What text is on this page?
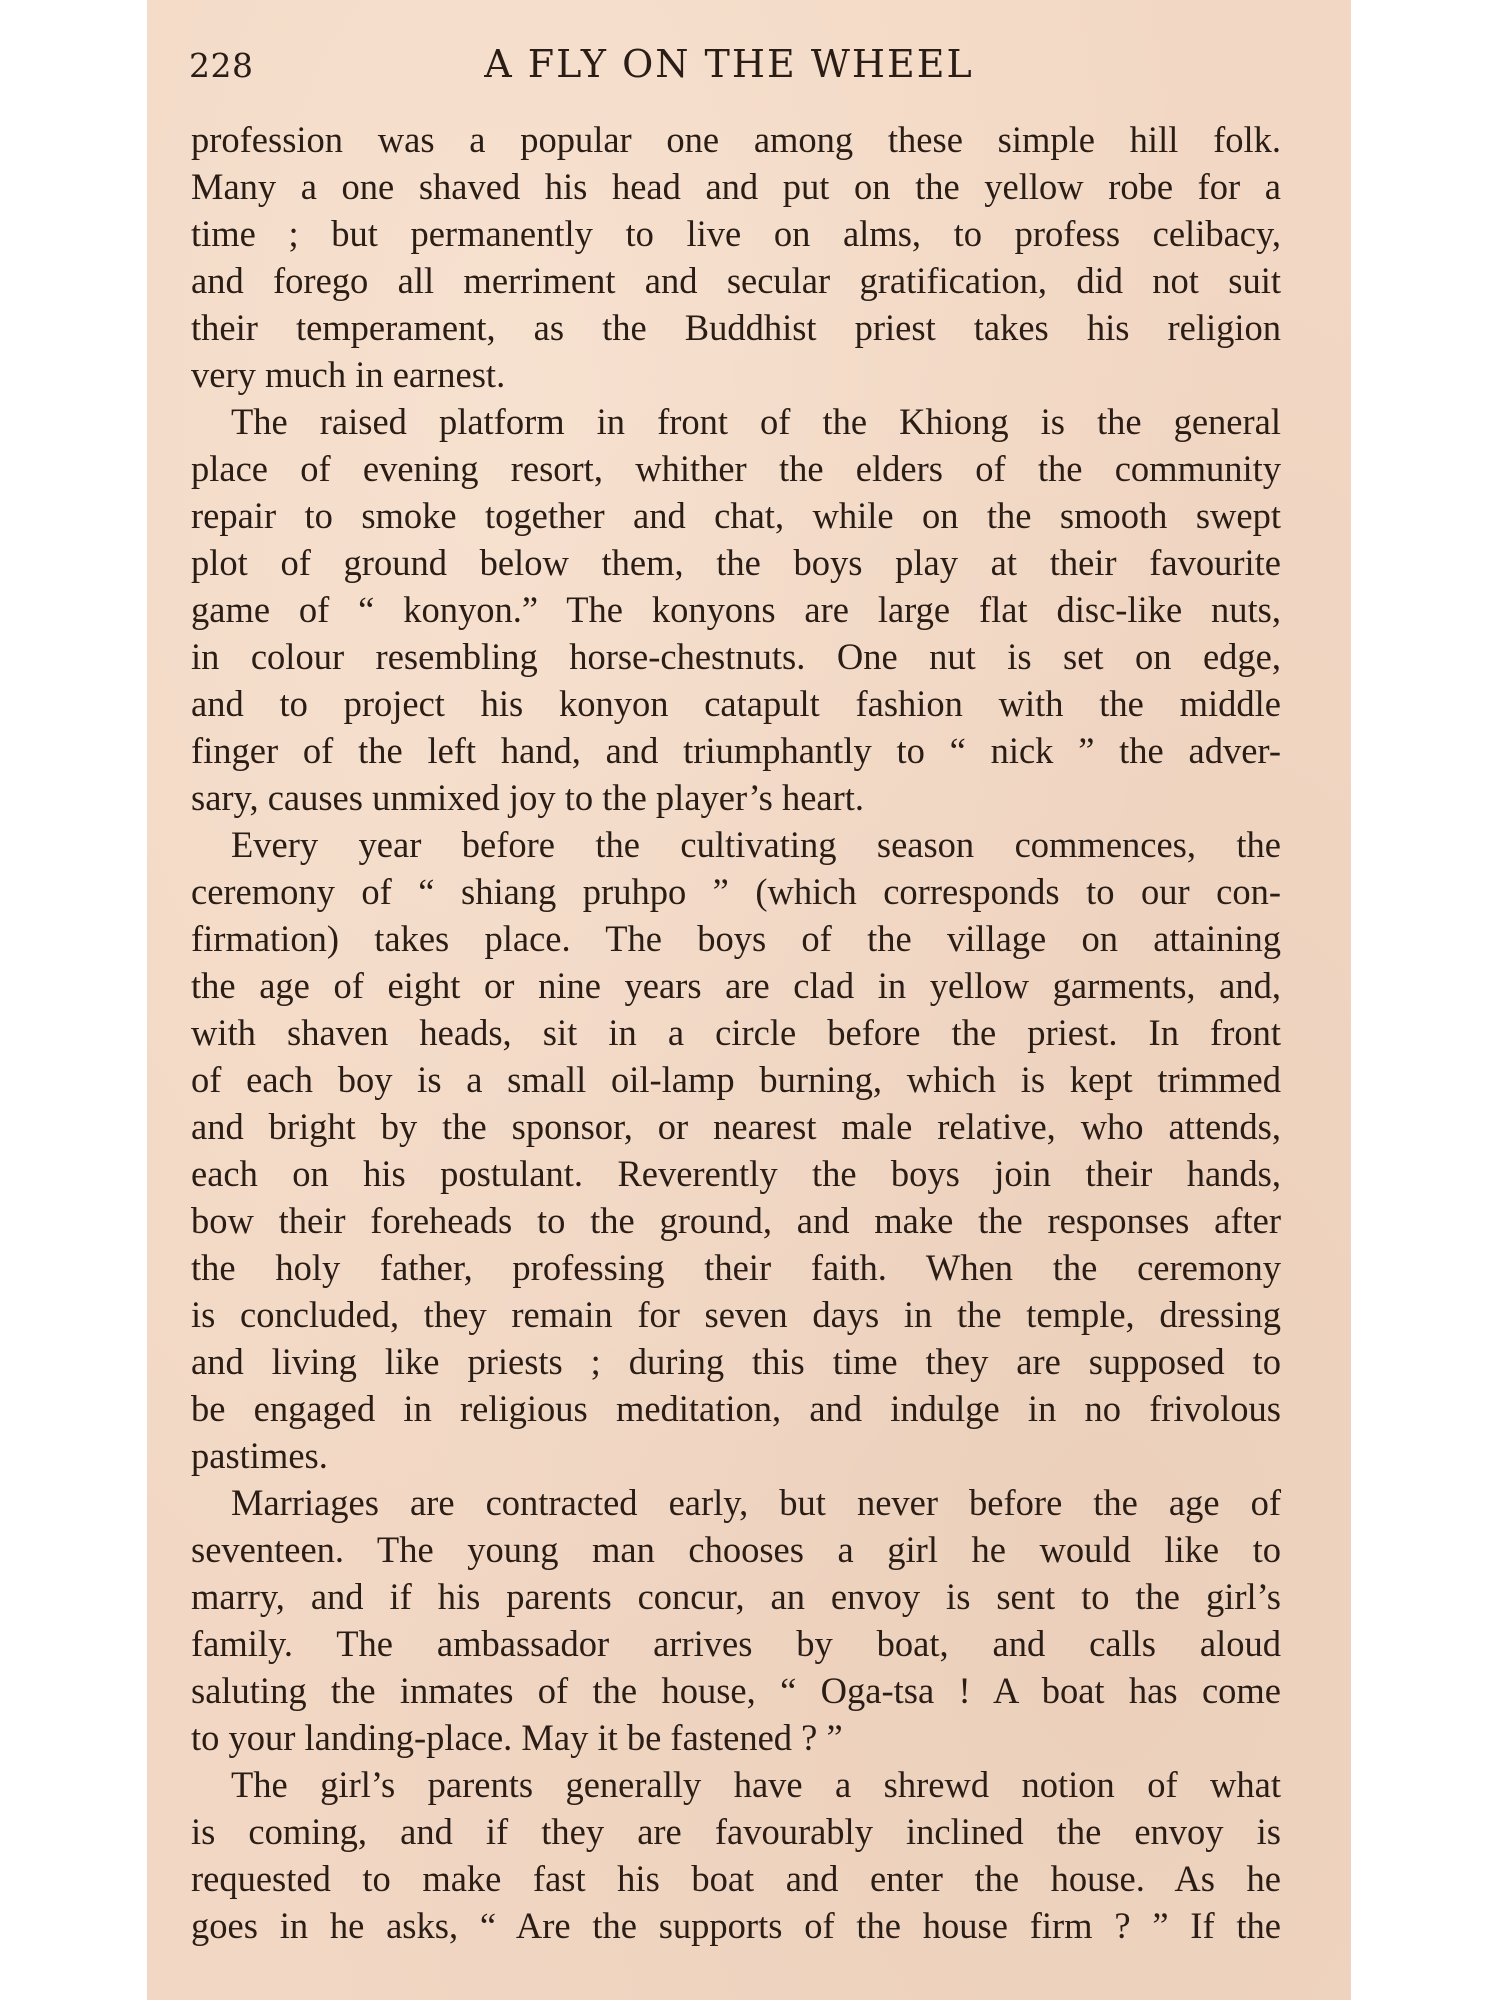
228	A FLY ON THE WHEEL
profession was a popular one among these simple hill folk.
Many a one shaved his head and put on the yellow robe for a
time ; but permanently to live on alms, to profess celibacy,
and forego all merriment and secular gratification, did not suit
their temperament, as the Buddhist priest takes his religion
very much in earnest.
The raised platform in front of the Khiong is the general
place of evening resort, whither the elders of the community
repair to smoke together and chat, while on the smooth swept
plot of ground below them, the boys play at their favourite
game of “ konyon.” The konyons are large flat disc-like nuts,
in colour resembling horse-chestnuts. One nut is set on edge,
and to project his konyon catapult fashion with the middle
finger of the left hand, and triumphantly to “ nick ” the adver-
sary, causes unmixed joy to the player’s heart.
Every year before the cultivating season commences, the
ceremony of “ shiang pruhpo ” (which corresponds to our con-
firmation) takes place. The boys of the village on attaining
the age of eight or nine years are clad in yellow garments, and,
with shaven heads, sit in a circle before the priest. In front
of each boy is a small oil-lamp burning, which is kept trimmed
and bright by the sponsor, or nearest male relative, who attends,
each on his postulant. Reverently the boys join their hands,
bow their foreheads to the ground, and make the responses after
the holy father, professing their faith. When the ceremony
is concluded, they remain for seven days in the temple, dressing
and living like priests ; during this time they are supposed to
be engaged in religious meditation, and indulge in no frivolous
pastimes.
Marriages are contracted early, but never before the age of
seventeen. The young man chooses a girl he would like to
marry, and if his parents concur, an envoy is sent to the girl’s
family. The ambassador arrives by boat, and calls aloud
saluting the inmates of the house, “ Oga-tsa ! A boat has come
to your landing-place. May it be fastened ? ”
The girl’s parents generally have a shrewd notion of what
is coming, and if they are favourably inclined the envoy is
requested to make fast his boat and enter the house. As he
goes in he asks, “ Are the supports of the house firm ? ” If the
